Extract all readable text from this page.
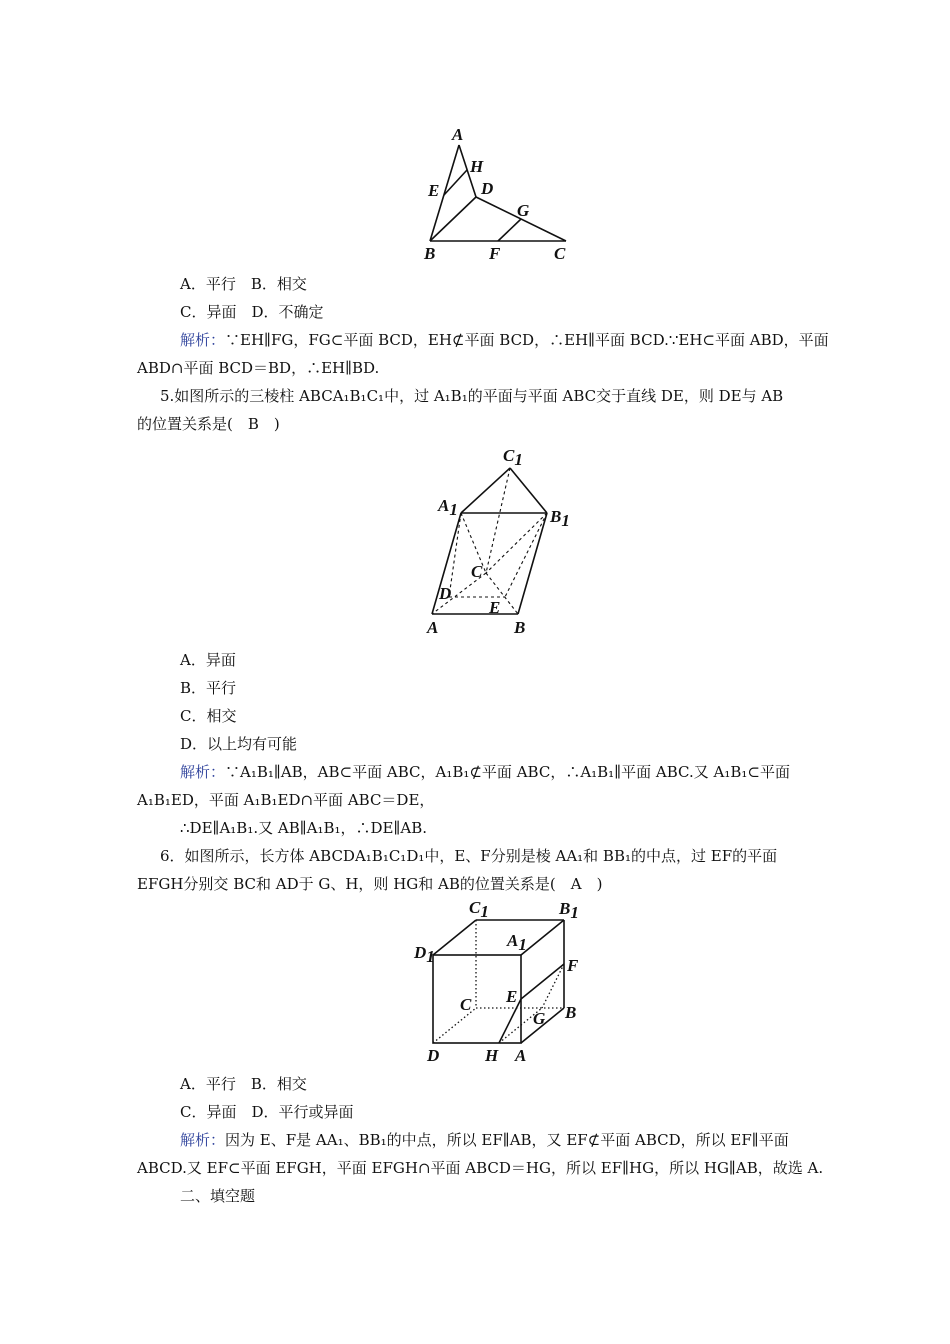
A
H
E D
G
B	F	C
A．平行　B．相交
C．异面　D．不确定
解析：∵EH∥FG，FG⊂平面 BCD，EH⊄平面 BCD，∴EH∥平面 BCD.∵EH⊂平面 ABD，平面
ABD∩平面 BCD＝BD，∴EH∥BD.
5.如图所示的三棱柱 ABCA₁B₁C₁中，过 A₁B₁的平面与平面 ABC交于直线 DE，则 DE与 AB
的位置关系是(　B　)
C1
A1	B1
C
D
E
A	B
A．异面
B．平行
C．相交
D．以上均有可能
解析：∵A₁B₁∥AB，AB⊂平面 ABC，A₁B₁⊄平面 ABC，∴A₁B₁∥平面 ABC.又 A₁B₁⊂平面
A₁B₁ED，平面 A₁B₁ED∩平面 ABC＝DE，
∴DE∥A₁B₁.又 AB∥A₁B₁，∴DE∥AB.
6．如图所示，长方体 ABCDA₁B₁C₁D₁中，E、F分别是棱 AA₁和 BB₁的中点，过 EF的平面
EFGH分别交 BC和 AD于 G、H，则 HG和 AB的位置关系是(　A　)
C1	B1
A1
D1	F
C E
G B
D	H A
A．平行　B．相交
C．异面　D．平行或异面
解析：因为 E、F是 AA₁、BB₁的中点，所以 EF∥AB，又 EF⊄平面 ABCD，所以 EF∥平面
ABCD.又 EF⊂平面 EFGH，平面 EFGH∩平面 ABCD＝HG，所以 EF∥HG，所以 HG∥AB，故选 A.
二、填空题
